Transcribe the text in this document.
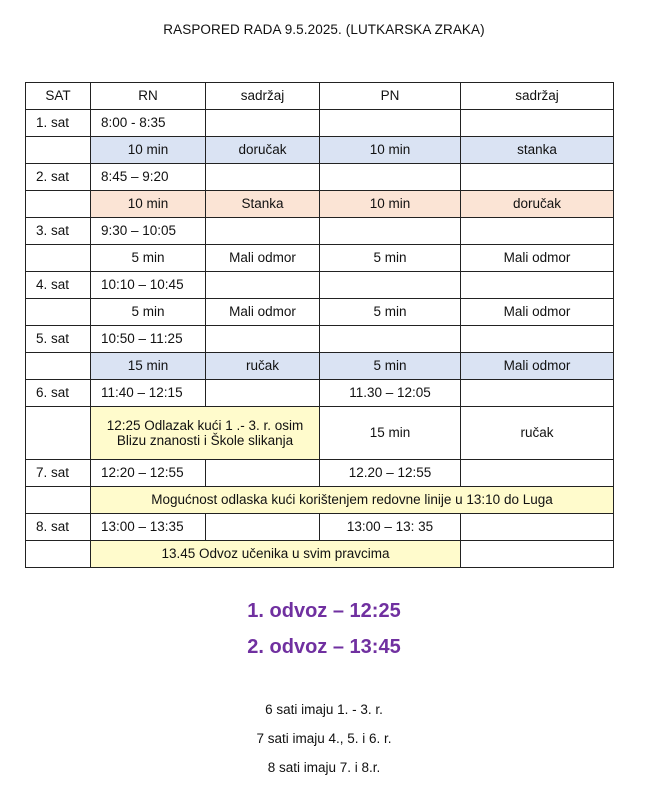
RASPORED RADA 9.5.2025. (LUTKARSKA ZRAKA)
SAT	RN	sadržaj	PN	sadržaj
1. sat	8:00 - 8:35			
	10 min	doručak	10 min	stanka
2. sat	8:45 – 9:20			
	10 min	Stanka	10 min	doručak
3. sat	9:30 – 10:05			
	5 min	Mali odmor	5 min	Mali odmor
4. sat	10:10 – 10:45			
	5 min	Mali odmor	5 min	Mali odmor
5. sat	10:50 – 11:25			
	15 min	ručak	5 min	Mali odmor
6. sat	11:40 – 12:15		11.30 – 12:05	
	12:25 Odlazak kući 1 .- 3. r. osim Blizu znanosti i Škole slikanja		15 min	ručak
7. sat	12:20 – 12:55		12.20 – 12:55	
	Mogućnost odlaska kući korištenjem redovne linije u 13:10 do Luga			
8. sat	13:00 – 13:35		13:00 – 13: 35	
	13.45 Odvoz učenika u svim pravcima			
1. odvoz – 12:25
2. odvoz – 13:45
6 sati imaju 1. - 3. r.
7 sati imaju 4., 5. i 6. r.
8 sati imaju 7. i 8.r.
